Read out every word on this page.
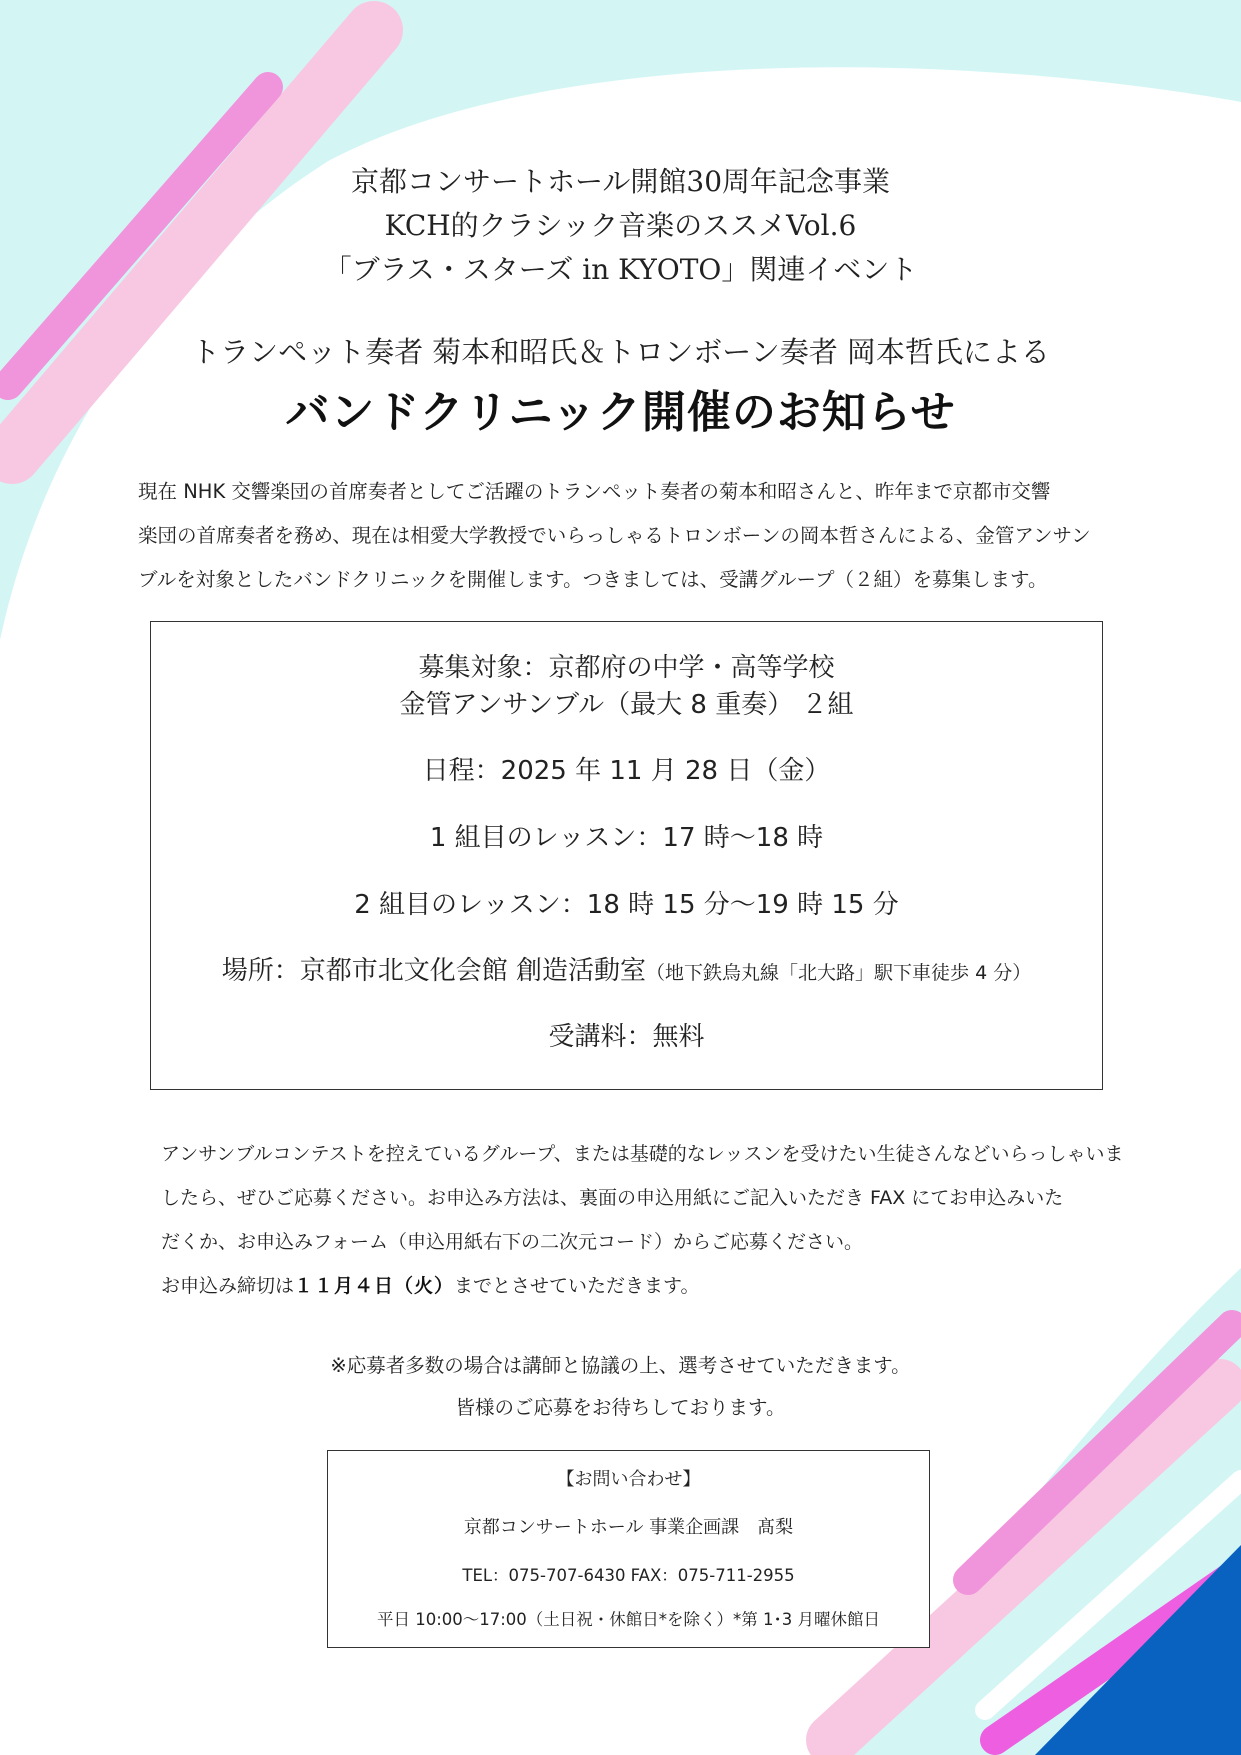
京都コンサートホール開館30周年記念事業
KCH的クラシック音楽のススメVol.6
「ブラス・スターズ in KYOTO」関連イベント
トランペット奏者 菊本和昭氏＆トロンボーン奏者 岡本哲氏による
バンドクリニック開催のお知らせ
現在 NHK 交響楽団の首席奏者としてご活躍のトランペット奏者の菊本和昭さんと、昨年まで京都市交響
楽団の首席奏者を務め、現在は相愛大学教授でいらっしゃるトロンボーンの岡本哲さんによる、金管アンサン
ブルを対象としたバンドクリニックを開催します。つきましては、受講グループ（２組）を募集します。
募集対象：京都府の中学・高等学校
金管アンサンブル（最大 8 重奏） ２組
日程：2025 年 11 月 28 日（金）
1 組目のレッスン：17 時～18 時
2 組目のレッスン：18 時 15 分～19 時 15 分
場所：京都市北文化会館 創造活動室（地下鉄烏丸線「北大路」駅下車徒歩 4 分）
受講料：無料
アンサンブルコンテストを控えているグループ、または基礎的なレッスンを受けたい生徒さんなどいらっしゃいま
したら、ぜひご応募ください。お申込み方法は、裏面の申込用紙にご記入いただき FAX にてお申込みいた
だくか、お申込みフォーム（申込用紙右下の二次元コード）からご応募ください。
お申込み締切は１１月４日（火）までとさせていただきます。
※応募者多数の場合は講師と協議の上、選考させていただきます。
皆様のご応募をお待ちしております。
【お問い合わせ】
京都コンサートホール 事業企画課　髙梨
TEL：075-707-6430 FAX：075-711-2955
平日 10:00～17:00（土日祝・休館日*を除く）*第 1･3 月曜休館日
